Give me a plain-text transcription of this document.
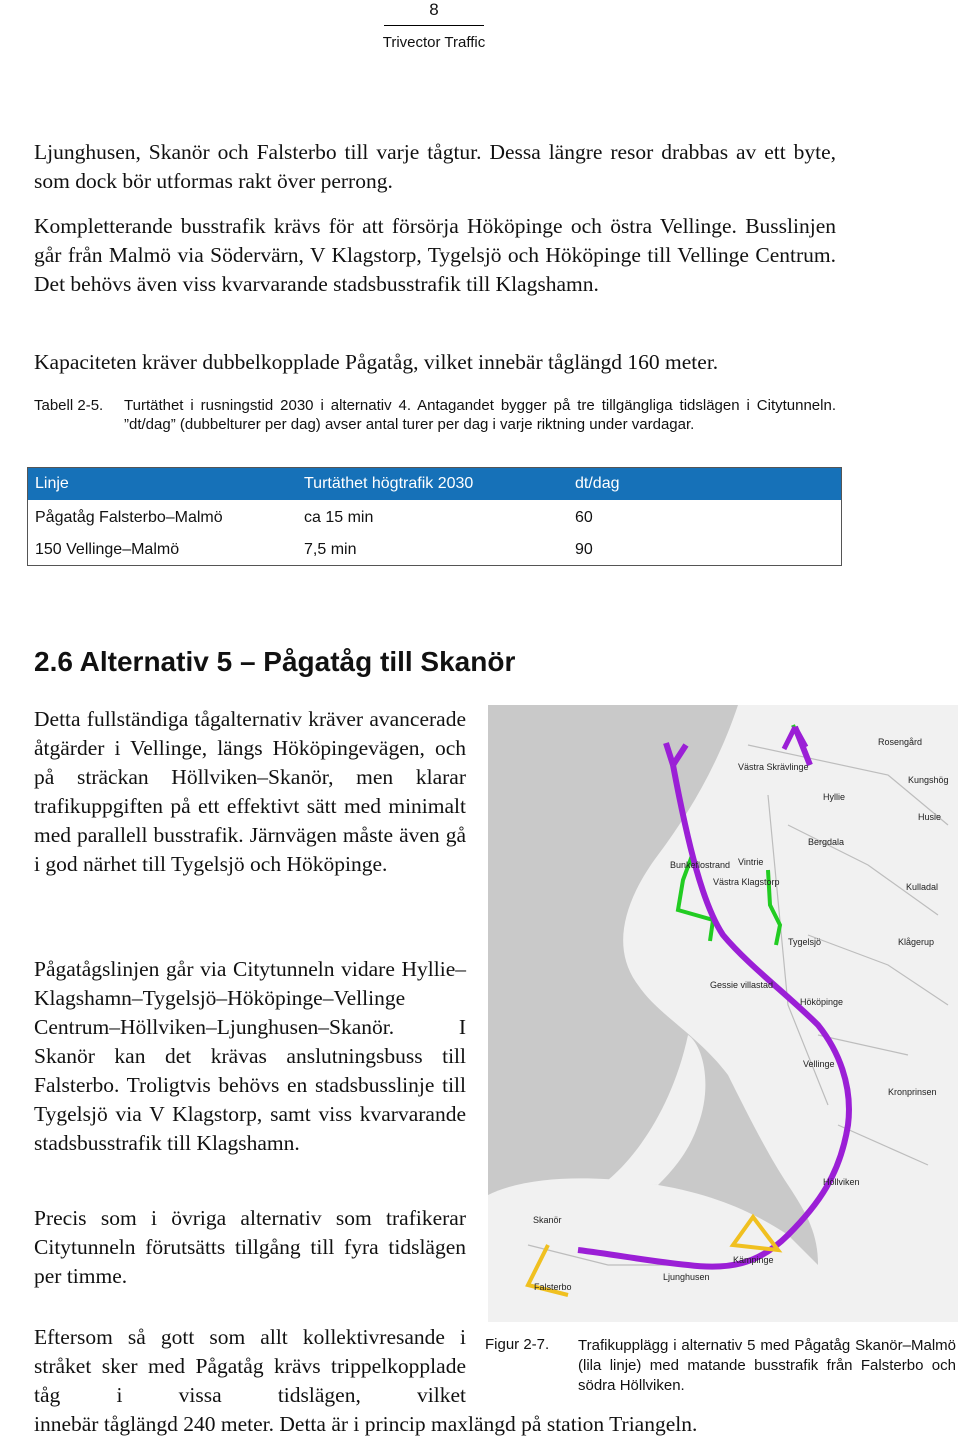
8
Trivector Traffic

Ljunghusen, Skanör och Falsterbo till varje tågtur. Dessa längre resor drabbas av ett byte, som dock bör utformas rakt över perrong.

Kompletterande busstrafik krävs för att försörja Hököpinge och östra Vellinge. Busslinjen går från Malmö via Södervärn, V Klagstorp, Tygelsjö och Hököpinge till Vellinge Centrum. Det behövs även viss kvarvarande stadsbusstrafik till Klagshamn.

Kapaciteten kräver dubbelkopplade Pågatåg, vilket innebär tåglängd 160 meter.

Tabell 2-5. Turtäthet i rusningstid 2030 i alternativ 4. Antagandet bygger på tre tillgängliga tidslägen i Citytunneln. ”dt/dag” (dubbelturer per dag) avser antal turer per dag i varje riktning under vardagar.

Linje	Turtäthet högtrafik 2030	dt/dag
Pågatåg Falsterbo–Malmö	ca 15 min	60
150 Vellinge–Malmö	7,5 min	90
2.6 Alternativ 5 – Pågatåg till Skanör

Detta fullständiga tågalternativ kräver avancerade åtgärder i Vellinge, längs Hököpingevägen, och på sträckan Höllviken–Skanör, men klarar trafikuppgiften på ett effektivt sätt med minimalt med parallell busstrafik. Järnvägen måste även gå i god närhet till Tygelsjö och Hököpinge.

Pågatågslinjen går via Citytunneln vidare Hyllie–Klagshamn–Tygelsjö–Hököpinge–Vellinge Centrum–Höllviken–Ljunghusen–Skanör. I Skanör kan det krävas anslutningsbuss till Falsterbo. Troligtvis behövs en stadsbusslinje till Tygelsjö via V Klagstorp, samt viss kvarvarande stadsbusstrafik till Klagshamn.

Precis som i övriga alternativ som trafikerar Citytunneln förutsätts tillgång till fyra tidslägen per timme.

Eftersom så gott som allt kollektivresande i stråket sker med Pågatåg krävs trippelkopplade tåg i vissa tidslägen, vilket

innebär tåglängd 240 meter. Detta är i princip maxlängd på station Triangeln.

Västra Skrävlinge
Rosengård
Kungshög
Husie
Hyllie
Bunkeflostrand
Bergdala
Vintrie
Kulladal
Västra Klagstorp
Tygelsjö	Klågerup
Gessie villastad
Hököpinge
Vellinge
Kronprinsen
Höllviken
Skanör
Falsterbo
Ljunghusen
Kämpinge
Figur 2-7. Trafikupplägg i alternativ 5 med Pågatåg Skanör–Malmö (lila linje) med matande busstrafik från Falsterbo och södra Höllviken.
